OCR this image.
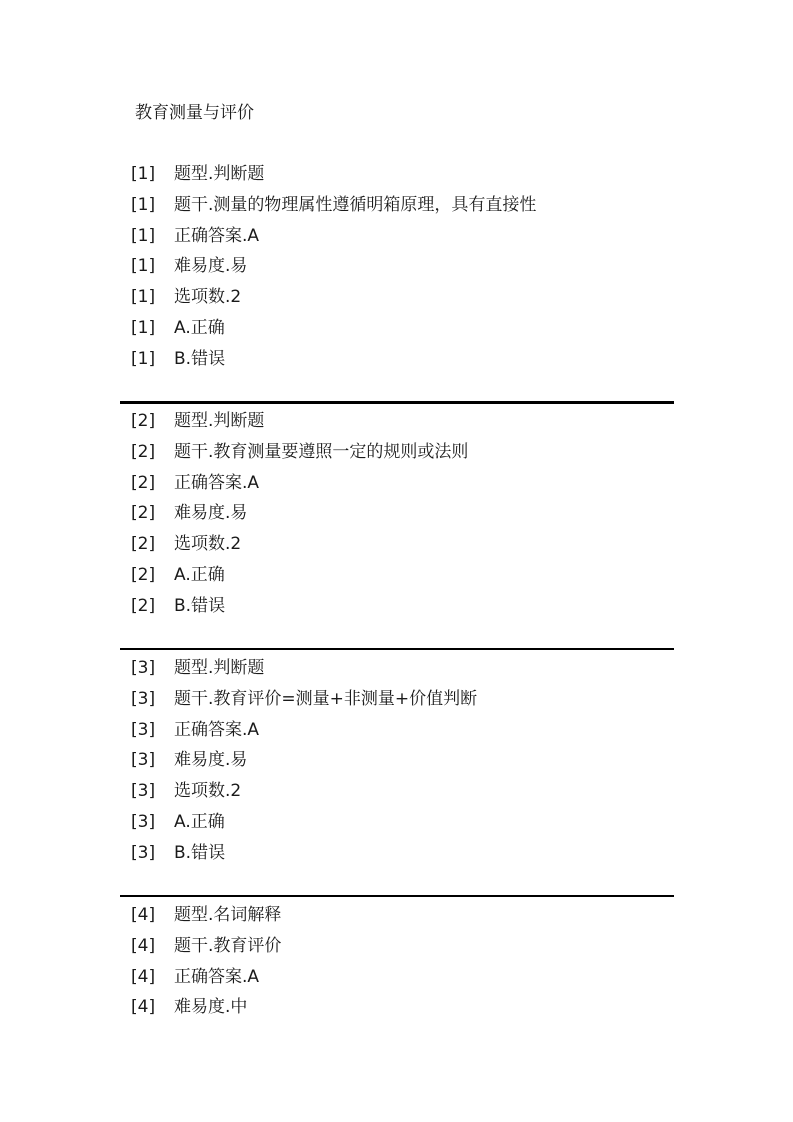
教育测量与评价
[1] 题型.判断题
[1] 题干.测量的物理属性遵循明箱原理，具有直接性
[1] 正确答案.A
[1] 难易度.易
[1] 选项数.2
[1] A.正确
[1] B.错误
[2] 题型.判断题
[2] 题干.教育测量要遵照一定的规则或法则
[2] 正确答案.A
[2] 难易度.易
[2] 选项数.2
[2] A.正确
[2] B.错误
[3] 题型.判断题
[3] 题干.教育评价=测量+非测量+价值判断
[3] 正确答案.A
[3] 难易度.易
[3] 选项数.2
[3] A.正确
[3] B.错误
[4] 题型.名词解释
[4] 题干.教育评价
[4] 正确答案.A
[4] 难易度.中
